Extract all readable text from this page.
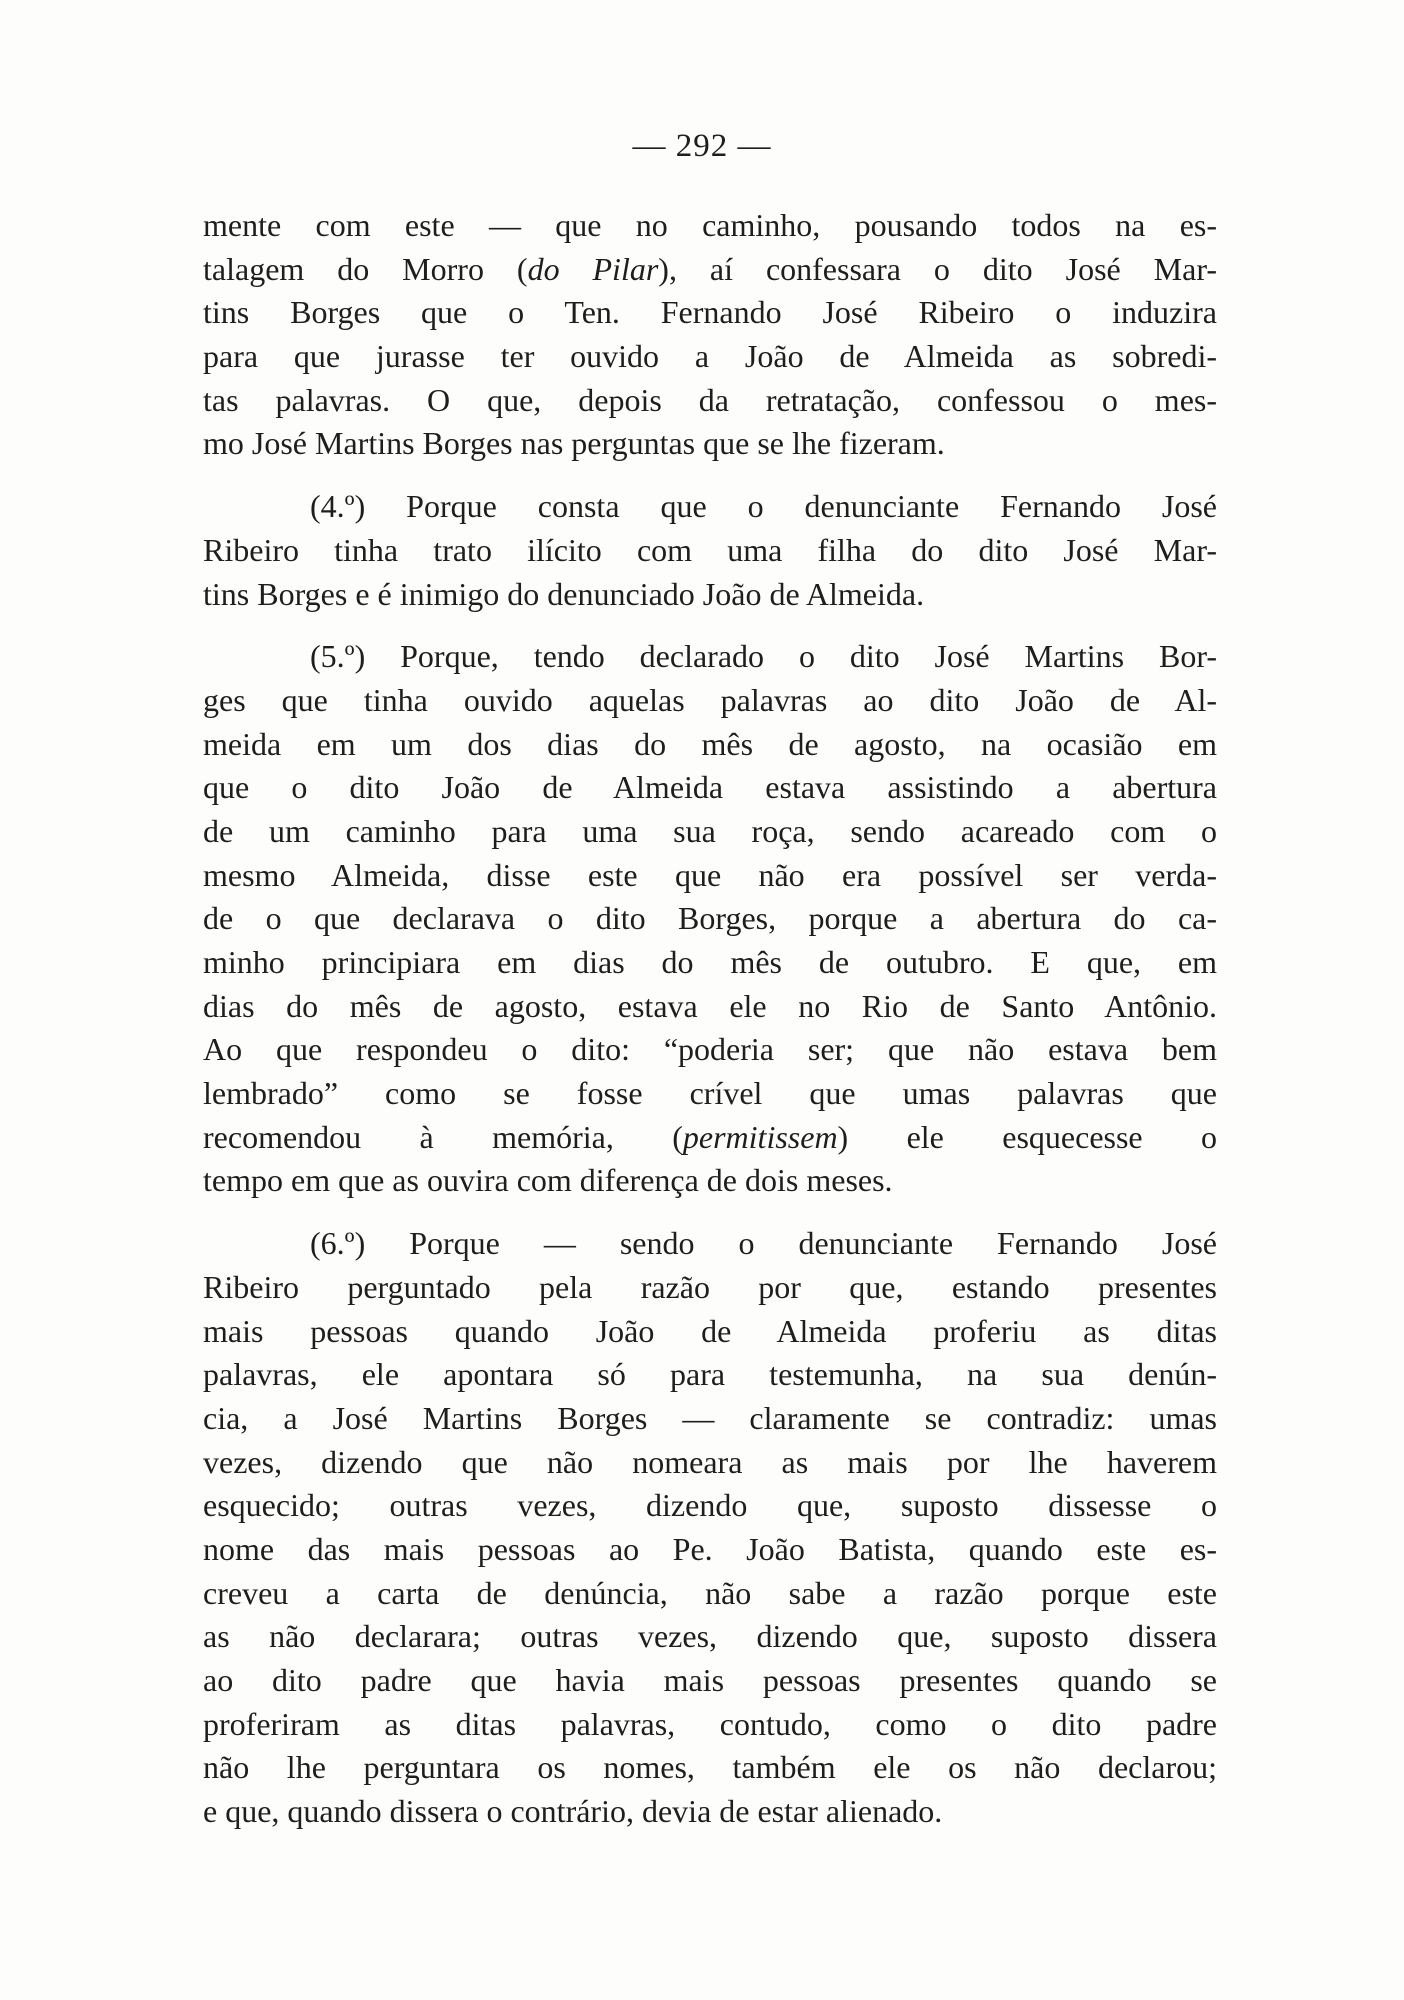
— 292 —

mente com este — que no caminho, pousando todos na es-
talagem do Morro (do Pilar), aí confessara o dito José Mar-
tins Borges que o Ten. Fernando José Ribeiro o induzira
para que jurasse ter ouvido a João de Almeida as sobredi-
tas palavras. O que, depois da retratação, confessou o mes-
mo José Martins Borges nas perguntas que se lhe fizeram.

(4.º) Porque consta que o denunciante Fernando José
Ribeiro tinha trato ilícito com uma filha do dito José Mar-
tins Borges e é inimigo do denunciado João de Almeida.

(5.º) Porque, tendo declarado o dito José Martins Bor-
ges que tinha ouvido aquelas palavras ao dito João de Al-
meida em um dos dias do mês de agosto, na ocasião em
que o dito João de Almeida estava assistindo a abertura
de um caminho para uma sua roça, sendo acareado com o
mesmo Almeida, disse este que não era possível ser verda-
de o que declarava o dito Borges, porque a abertura do ca-
minho principiara em dias do mês de outubro. E que, em
dias do mês de agosto, estava ele no Rio de Santo Antônio.
Ao que respondeu o dito: “poderia ser; que não estava bem
lembrado” como se fosse crível que umas palavras que
recomendou à memória, (permitissem) ele esquecesse o
tempo em que as ouvira com diferença de dois meses.

(6.º) Porque — sendo o denunciante Fernando José
Ribeiro perguntado pela razão por que, estando presentes
mais pessoas quando João de Almeida proferiu as ditas
palavras, ele apontara só para testemunha, na sua denún-
cia, a José Martins Borges — claramente se contradiz: umas
vezes, dizendo que não nomeara as mais por lhe haverem
esquecido; outras vezes, dizendo que, suposto dissesse o
nome das mais pessoas ao Pe. João Batista, quando este es-
creveu a carta de denúncia, não sabe a razão porque este
as não declarara; outras vezes, dizendo que, suposto dissera
ao dito padre que havia mais pessoas presentes quando se
proferiram as ditas palavras, contudo, como o dito padre
não lhe perguntara os nomes, também ele os não declarou;
e que, quando dissera o contrário, devia de estar alienado.
